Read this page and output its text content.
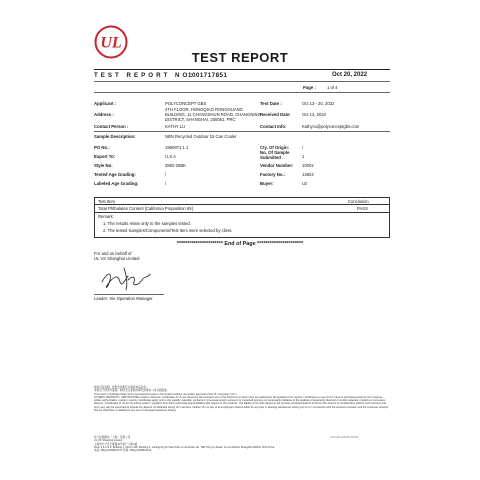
UL
TEST REPORT
TEST REPORT NO:
1001717851	Oct 20, 2022
Page :	1 of 4
Applicant :	POLYCONCEPT GBS
Address :
4TH FLOOR, HONGQIAO RONGGUANG
BUILDING, 11 CHANGSHUN ROAD, CHANGNING
DISTRICT, SHANGHAI, 200051, PRC
Contact Person :	KATHY LU
Test Date :	Oct 13 - 20, 2022
Received Date:	Oct 13, 2022
Contact Info:	Kathy.lu@polyconceptgbs.com
Sample Description:	NBN Recycled Outdoor 15 Can Cooler
PO No.:	1990971 1 1
Export To:	U.S.A
Style No:	3850-25BK
Tested Age Grading:	/
Labeled Age Grading:	/
Cty. Of Origin:	/
No. Of Sample
Submitted :	1
Vendor Number: 10002
Factory No.:	13824
Buyer:	LE
Test Item	Conclusion
Total Phthalates Content [California Proposition 65]	PASS
Remark:
1. The results relate only to the samples tested.
2. The tested Samples/Components/Test Item were selected by client.
********************** End of Page **********************
For and on behalf of
UL VS Shanghai Limited
Leader: Xie Operation Manager
除非另有说明，此报告结果仅对测试样品负责。
本报告不得部分复制，除非全文复制并事先获得本公司书面批准。
This report / certificate shall not be reproduced (except in full version) without the written approval of the UL Company ("UL").
OTHERS: REPORTS / CERTIFICATES / letters / Reports / Certificates of UL are issued for the exclusive use of the Customer to whom they are addressed. No quotation from reports / certificates or use of UL's name is permitted except by UL's express written authorization. Letters / reports / certificates apply only to the specific materials, products or processes tested, surveyed or inspected and are not necessarily indicative of the qualities of apparently identical or similar materials, products or processes. Reports / Certificates of UL do not relieve sellers / suppliers from their contractual responsibilities with respect to the products. The liability of UL with respect to the services rendered shall be limited to the amount of consideration paid for such services and not in any way be construed to include any defects not detected during UL's services. Neither UL nor any of its employees shall be liable for any loss or damage whatsoever arising out of or in connection with the services provided, and the Customer accepts that UL shall have no liability for any loss or damage howsoever arising.
优力检测服务（上海）有限公司
UL VS Shanghai Limited
上海市长宁区长顺路11号荣广大厦4楼
Floor 1 & 2 & 3, Building 1, Room 108, Building 3, Canhigrng 40 Yeeh Park Ju Jia Road, No. 788, Ping Fu Road, Xu Hui District Shanghai 200231 (P.R.China
电话: (86)(21)6088-6271 传真: (86)(21)6088-6443
UVS-QP-LAB-06-03-F01
